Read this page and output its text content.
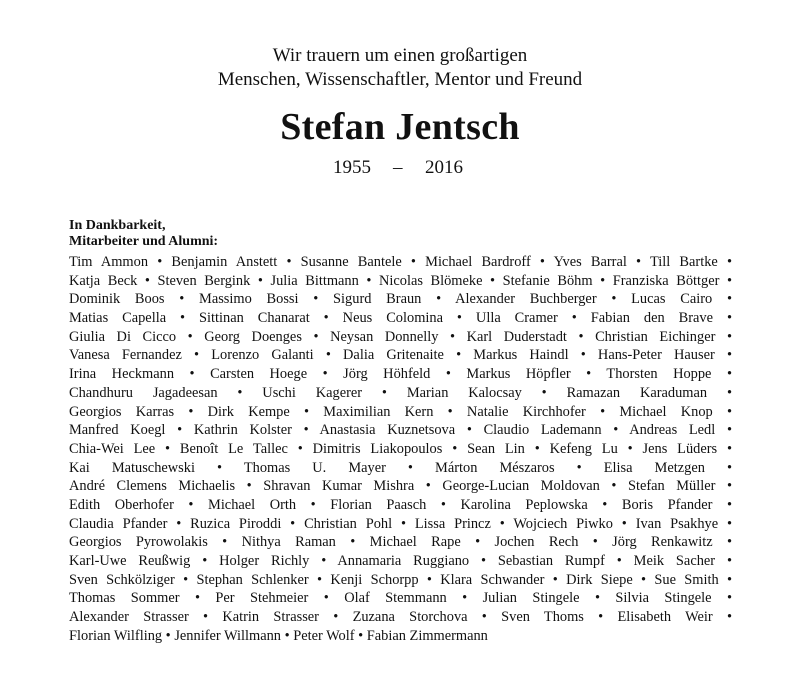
Wir trauern um einen großartigen
Menschen, Wissenschaftler, Mentor und Freund
Stefan Jentsch
1955 – 2016
In Dankbarkeit,
Mitarbeiter und Alumni:
Tim Ammon • Benjamin Anstett • Susanne Bantele • Michael Bardroff • Yves Barral • Till Bartke •
Katja Beck • Steven Bergink • Julia Bittmann • Nicolas Blömeke • Stefanie Böhm • Franziska Böttger •
Dominik Boos • Massimo Bossi • Sigurd Braun • Alexander Buchberger • Lucas Cairo •
Matias Capella • Sittinan Chanarat • Neus Colomina • Ulla Cramer • Fabian den Brave •
Giulia Di Cicco • Georg Doenges • Neysan Donnelly • Karl Duderstadt • Christian Eichinger •
Vanesa Fernandez • Lorenzo Galanti • Dalia Gritenaite • Markus Haindl • Hans-Peter Hauser •
Irina Heckmann • Carsten Hoege • Jörg Höhfeld • Markus Höpfler • Thorsten Hoppe •
Chandhuru Jagadeesan • Uschi Kagerer • Marian Kalocsay • Ramazan Karaduman •
Georgios Karras • Dirk Kempe • Maximilian Kern • Natalie Kirchhofer • Michael Knop •
Manfred Koegl • Kathrin Kolster • Anastasia Kuznetsova • Claudio Lademann • Andreas Ledl •
Chia-Wei Lee • Benoît Le Tallec • Dimitris Liakopoulos • Sean Lin • Kefeng Lu • Jens Lüders •
Kai Matuschewski • Thomas U. Mayer • Márton Mészaros • Elisa Metzgen •
André Clemens Michaelis • Shravan Kumar Mishra • George-Lucian Moldovan • Stefan Müller •
Edith Oberhofer • Michael Orth • Florian Paasch • Karolina Peplowska • Boris Pfander •
Claudia Pfander • Ruzica Piroddi • Christian Pohl • Lissa Princz • Wojciech Piwko • Ivan Psakhye •
Georgios Pyrowolakis • Nithya Raman • Michael Rape • Jochen Rech • Jörg Renkawitz •
Karl-Uwe Reußwig • Holger Richly • Annamaria Ruggiano • Sebastian Rumpf • Meik Sacher •
Sven Schkölziger • Stephan Schlenker • Kenji Schorpp • Klara Schwander • Dirk Siepe • Sue Smith •
Thomas Sommer • Per Stehmeier • Olaf Stemmann • Julian Stingele • Silvia Stingele •
Alexander Strasser • Katrin Strasser • Zuzana Storchova • Sven Thoms • Elisabeth Weir •
Florian Wilfling • Jennifer Willmann • Peter Wolf • Fabian Zimmermann
